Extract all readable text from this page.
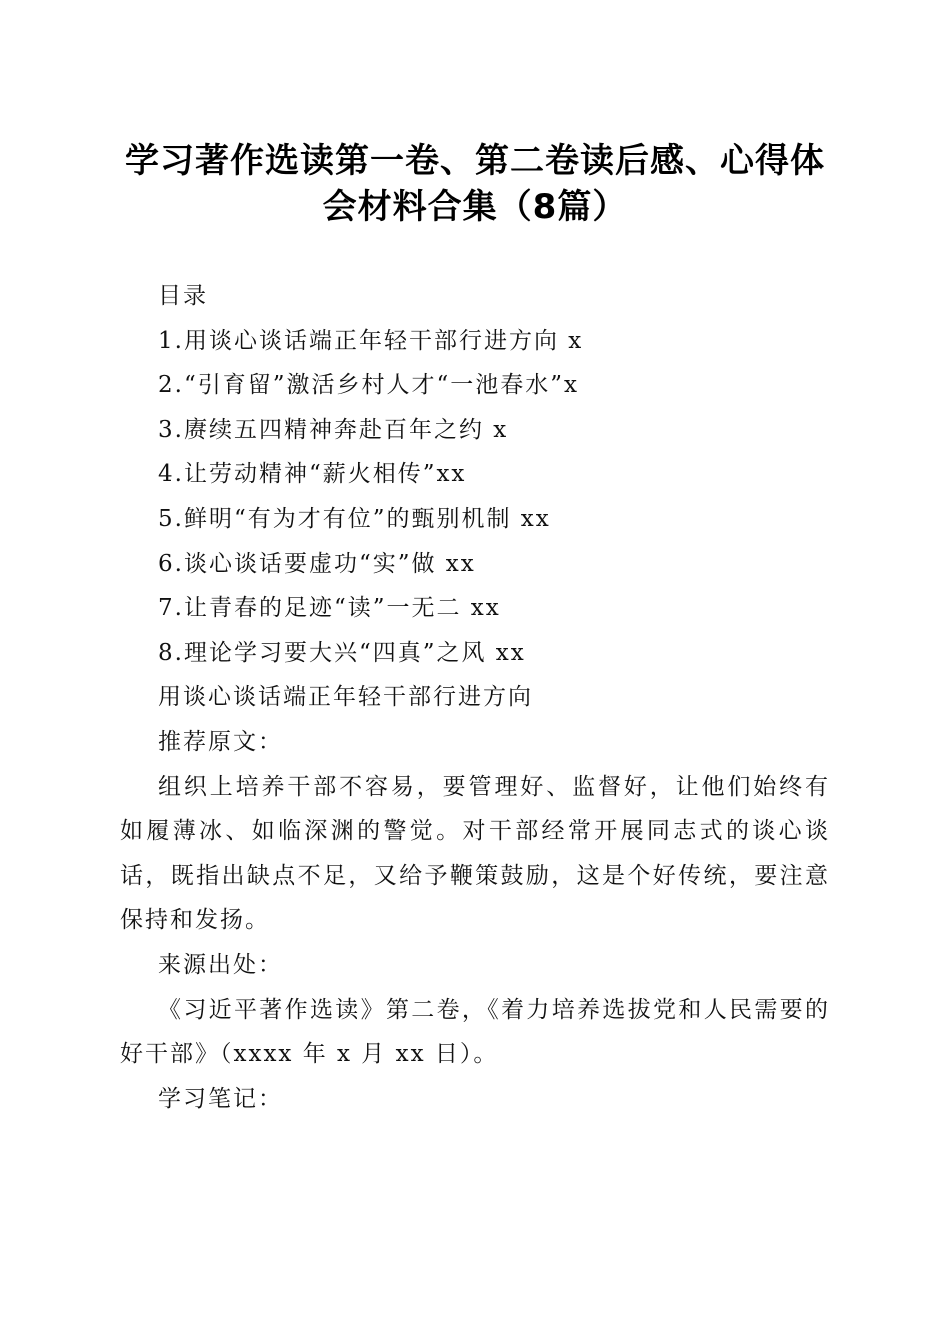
学习著作选读第一卷、第二卷读后感、心得体
会材料合集（8篇）

目录

1.用谈心谈话端正年轻干部行进方向 x

2.“引育留”激活乡村人才“一池春水”x

3.赓续五四精神奔赴百年之约 x

4.让劳动精神“薪火相传”xx

5.鲜明“有为才有位”的甄别机制 xx

6.谈心谈话要虚功“实”做 xx

7.让青春的足迹“读”一无二 xx

8.理论学习要大兴“四真”之风 xx

用谈心谈话端正年轻干部行进方向

推荐原文：

组织上培养干部不容易，要管理好、监督好，让他们始终有如履薄冰、如临深渊的警觉。对干部经常开展同志式的谈心谈话，既指出缺点不足，又给予鞭策鼓励，这是个好传统，要注意保持和发扬。

来源出处：

《习近平著作选读》第二卷，《着力培养选拔党和人民需要的好干部》（xxxx 年 x 月 xx 日）。

学习笔记：
